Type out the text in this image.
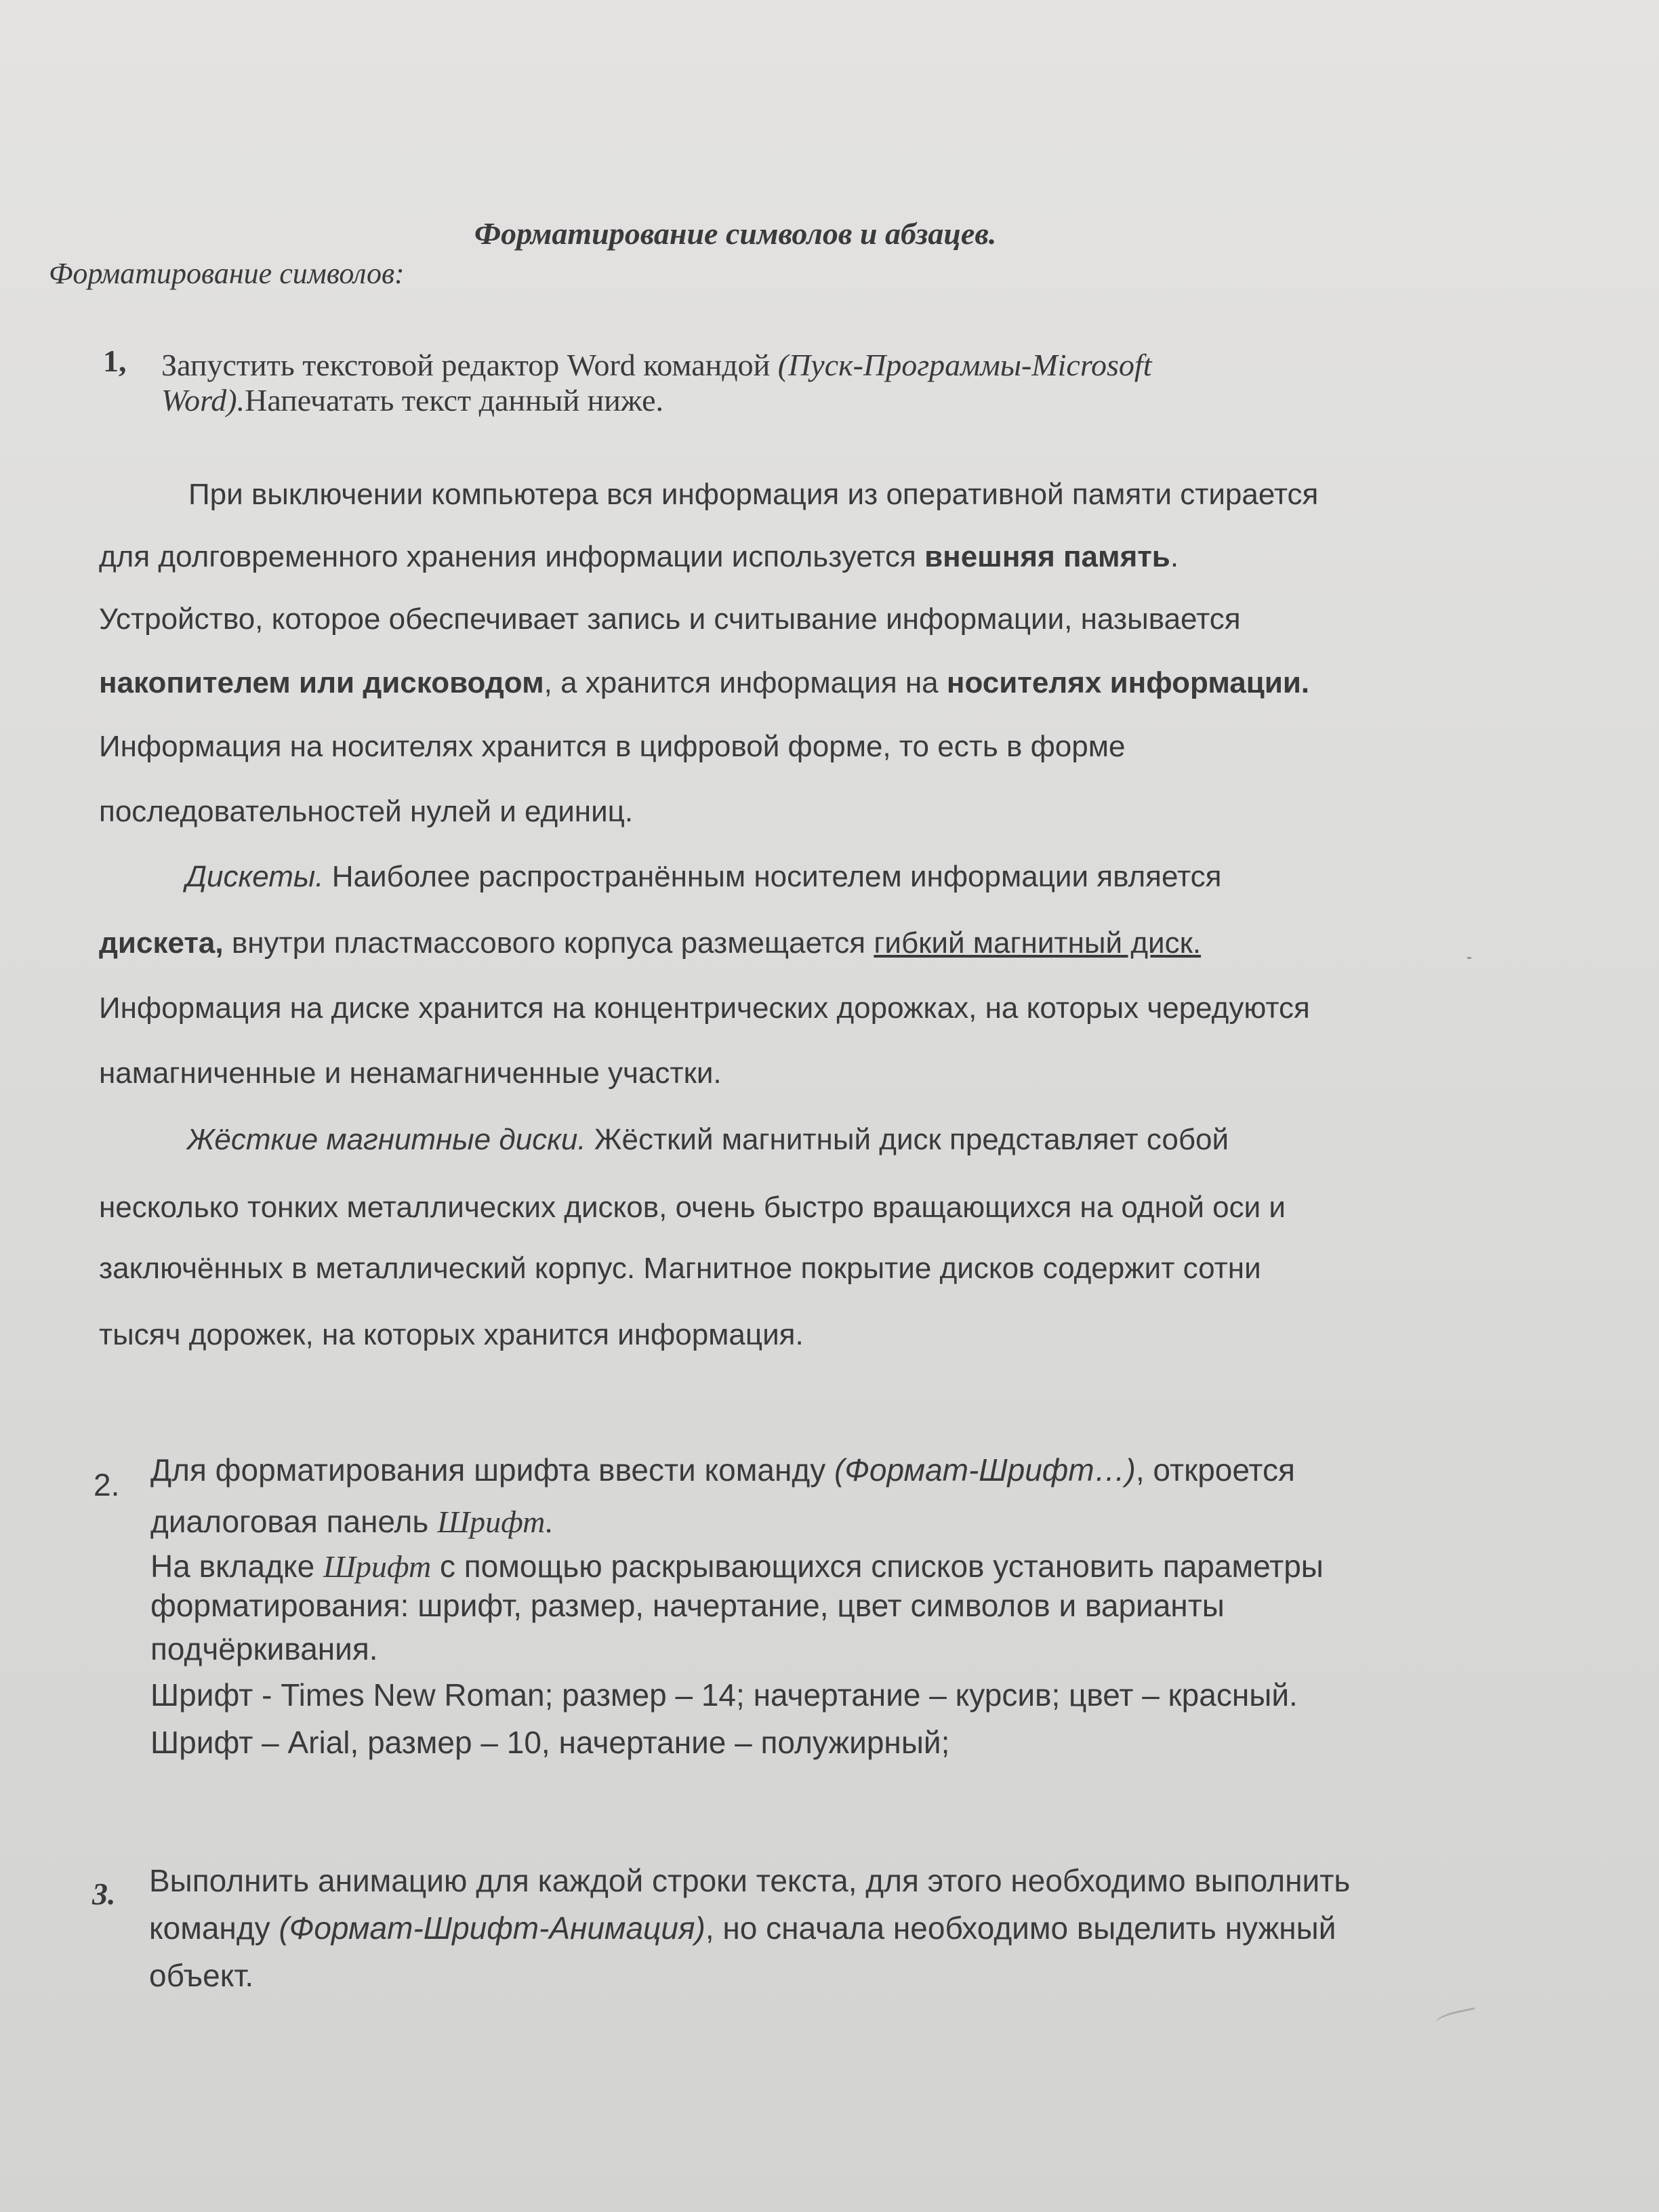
Форматирование символов и абзацев.
Форматирование символов:
1, Запустить текстовой редактор Word командой (Пуск-Программы-Microsoft
Word).Напечатать текст данный ниже.
При выключении компьютера вся информация из оперативной памяти стирается
для долговременного хранения информации используется внешняя память.
Устройство, которое обеспечивает запись и считывание информации, называется
накопителем или дисководом, а хранится информация на носителях информации.
Информация на носителях хранится в цифровой форме, то есть в форме
последовательностей нулей и единиц.
Дискеты. Наиболее распространённым носителем информации является
дискета, внутри пластмассового корпуса размещается гибкий магнитный диск.
Информация на диске хранится на концентрических дорожках, на которых чередуются
намагниченные и ненамагниченные участки.
Жёсткие магнитные диски. Жёсткий магнитный диск представляет собой
несколько тонких металлических дисков, очень быстро вращающихся на одной оси и
заключённых в металлический корпус. Магнитное покрытие дисков содержит сотни
тысяч дорожек, на которых хранится информация.
2. Для форматирования шрифта ввести команду (Формат-Шрифт…), откроется
диалоговая панель Шрифт.
На вкладке Шрифт с помощью раскрывающихся списков установить параметры
форматирования: шрифт, размер, начертание, цвет символов и варианты
подчёркивания.
Шрифт - Times New Roman; размер – 14; начертание – курсив; цвет – красный.
Шрифт – Arial, размер – 10, начертание – полужирный;
3. Выполнить анимацию для каждой строки текста, для этого необходимо выполнить
команду (Формат-Шрифт-Анимация), но сначала необходимо выделить нужный
объект.
